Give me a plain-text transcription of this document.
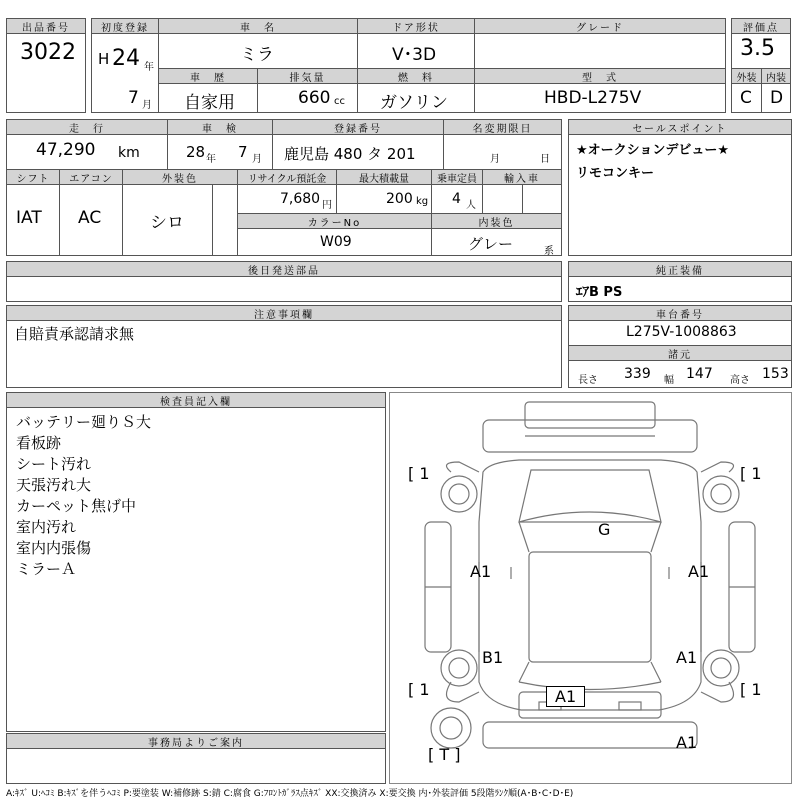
出品番号
3022
初度登録
H 24 年
7 月
車　名
ミラ
ドア形状
V･3D
グレード	評価点
3.5
車　歴
自家用
排気量
660 cc
燃　料
ガソリン
型　式
HBD-L275V
外装
C
内装
D
走　行
47,290 km
車　検
28 年 7 月
登録番号
鹿児島 480 タ 201
名変期限日
月	日
シフト
IAT
エアコン
AC
外装色
シロ
リサイクル預託金
7,680 円
最大積載量
200 kg
乗車定員
4 人
輸入車
カラーNo
W09
内装色
グレー	系
セールスポイント
★オークションデビュー★
リモコンキー
後日発送部品	純正装備
ｴｱB PS
注意事項欄
自賠責承認請求無
車台番号
L275V-1008863
諸元
長さ 339 幅 147 高さ 153
検査員記入欄
バッテリー廻りＳ大
看板跡
シート汚れ
天張汚れ大
カーペット焦げ中
室内汚れ
室内内張傷
ミラーＡ
事務局よりご案内
[ 1	[ 1
[ 1	[ 1
G
A1	A1
B1	A1
A1
[ T ]
A1
A:ｷｽﾞ U:ﾍｺﾐ B:ｷｽﾞを伴うﾍｺﾐ P:要塗装 W:補修跡 S:錆 C:腐食 G:ﾌﾛﾝﾄｶﾞﾗｽ点ｷｽﾞ XX:交換済み X:要交換 内･外装評価 5段階ﾗﾝｸ順(A･B･C･D･E)
